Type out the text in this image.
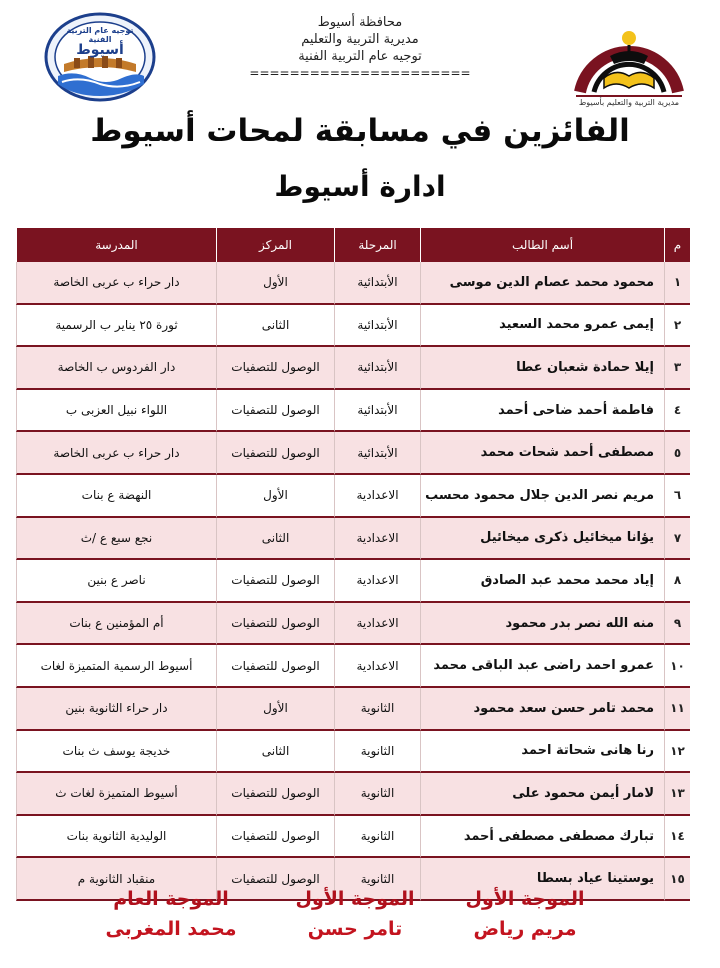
توجيه عام التربية الفنية
أسيوط
محافظة أسيوط
مديرية التربية والتعليم
توجيه عام التربية الفنية
======================
مديرية التربية والتعليم بأسيوط
الفائزين في مسابقة لمحات أسيوط
ادارة أسيوط
م	أسم الطالب	المرحلة	المركز	المدرسة
١	محمود محمد عصام الدين موسى	الأبتدائية	الأول	دار حراء ب عربى الخاصة
٢	إيمى عمرو محمد السعيد	الأبتدائية	الثانى	ثورة ٢٥ يناير ب الرسمية
٣	إيلا حمادة شعبان عطا	الأبتدائية	الوصول للتصفيات	دار الفردوس ب الخاصة
٤	فاطمة أحمد ضاحى أحمد	الأبتدائية	الوصول للتصفيات	اللواء نبيل العزبى ب
٥	مصطفى أحمد شحات محمد	الأبتدائية	الوصول للتصفيات	دار حراء ب عربى الخاصة
٦	مريم نصر الدين جلال محمود محسب	الاعدادية	الأول	النهضة ع بنات
٧	يؤانا ميخائيل ذكرى ميخائيل	الاعدادية	الثانى	نجع سبع ع /ث
٨	إياد محمد محمد عبد الصادق	الاعدادية	الوصول للتصفيات	ناصر ع بنين
٩	منه الله نصر بدر محمود	الاعدادية	الوصول للتصفيات	أم المؤمنين ع بنات
١٠	عمرو احمد راضى عبد الباقى محمد	الاعدادية	الوصول للتصفيات	أسيوط الرسمية المتميزة لغات
١١	محمد تامر حسن سعد محمود	الثانوية	الأول	دار حراء الثانوية بنين
١٢	رنا هانى شحاتة احمد	الثانوية	الثانى	خديجة يوسف ث بنات
١٣	لامار أيمن محمود على	الثانوية	الوصول للتصفيات	أسيوط المتميزة لغات ث
١٤	تبارك مصطفى مصطفى أحمد	الثانوية	الوصول للتصفيات	الوليدية الثانوية بنات
١٥	يوستينا عياد بسطا	الثانوية	الوصول للتصفيات	منقباد الثانوية م
الموجة الأول
مريم رياض
الموجة الأول
تامر حسن
الموجة العام
محمد المغربى
